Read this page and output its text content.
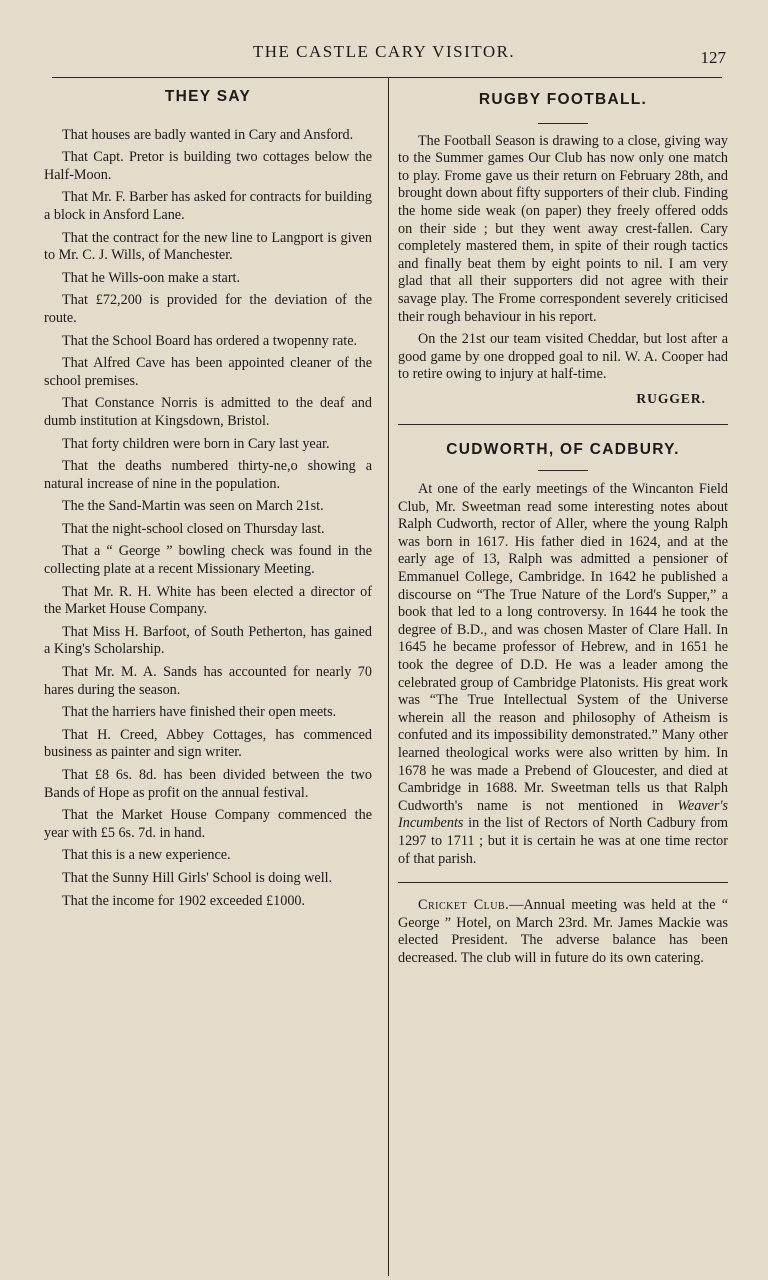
THE CASTLE CARY VISITOR.	127
THEY SAY

That houses are badly wanted in Cary and Ansford.

That Capt. Pretor is building two cottages below the Half-Moon.

That Mr. F. Barber has asked for contracts for building a block in Ansford Lane.

That the contract for the new line to Langport is given to Mr. C. J. Wills, of Manchester.

That he Wills-oon make a start.

That £72,200 is provided for the deviation of the route.

That the School Board has ordered a twopenny rate.

That Alfred Cave has been appointed cleaner of the school premises.

That Constance Norris is admitted to the deaf and dumb institution at Kingsdown, Bristol.

That forty children were born in Cary last year.

That the deaths numbered thirty-ne,o showing a natural increase of nine in the population.

The the Sand-Martin was seen on March 21st.

That the night-school closed on Thursday last.

That a “ George ” bowling check was found in the collecting plate at a recent Missionary Meeting.

That Mr. R. H. White has been elected a director of the Market House Company.

That Miss H. Barfoot, of South Petherton, has gained a King's Scholarship.

That Mr. M. A. Sands has accounted for nearly 70 hares during the season.

That the harriers have finished their open meets.

That H. Creed, Abbey Cottages, has commenced business as painter and sign writer.

That £8 6s. 8d. has been divided between the two Bands of Hope as profit on the annual festival.

That the Market House Company commenced the year with £5 6s. 7d. in hand.

That this is a new experience.

That the Sunny Hill Girls' School is doing well.

That the income for 1902 exceeded £1000.

RUGBY FOOTBALL.

The Football Season is drawing to a close, giving way to the Summer games Our Club has now only one match to play. Frome gave us their return on February 28th, and brought down about fifty supporters of their club. Finding the home side weak (on paper) they freely offered odds on their side ; but they went away crest-fallen. Cary completely mastered them, in spite of their rough tactics and finally beat them by eight points to nil. I am very glad that all their supporters did not agree with their savage play. The Frome correspondent severely criticised their rough behaviour in his report.

On the 21st our team visited Cheddar, but lost after a good game by one dropped goal to nil. W. A. Cooper had to retire owing to injury at half-time.

RUGGER.

CUDWORTH, OF CADBURY.

At one of the early meetings of the Wincanton Field Club, Mr. Sweetman read some interesting notes about Ralph Cudworth, rector of Aller, where the young Ralph was born in 1617. His father died in 1624, and at the early age of 13, Ralph was admitted a pensioner of Emmanuel College, Cambridge. In 1642 he published a discourse on “The True Nature of the Lord's Supper,” a book that led to a long controversy. In 1644 he took the degree of B.D., and was chosen Master of Clare Hall. In 1645 he became professor of Hebrew, and in 1651 he took the degree of D.D. He was a leader among the celebrated group of Cambridge Platonists. His great work was “The True Intellectual System of the Universe wherein all the reason and philosophy of Atheism is confuted and its impossibility demonstrated.” Many other learned theological works were also written by him. In 1678 he was made a Prebend of Gloucester, and died at Cambridge in 1688. Mr. Sweetman tells us that Ralph Cudworth's name is not mentioned in Weaver's Incumbents in the list of Rectors of North Cadbury from 1297 to 1711 ; but it is certain he was at one time rector of that parish.

Cricket Club.—Annual meeting was held at the “ George ” Hotel, on March 23rd. Mr. James Mackie was elected President. The adverse balance has been decreased. The club will in future do its own catering.
